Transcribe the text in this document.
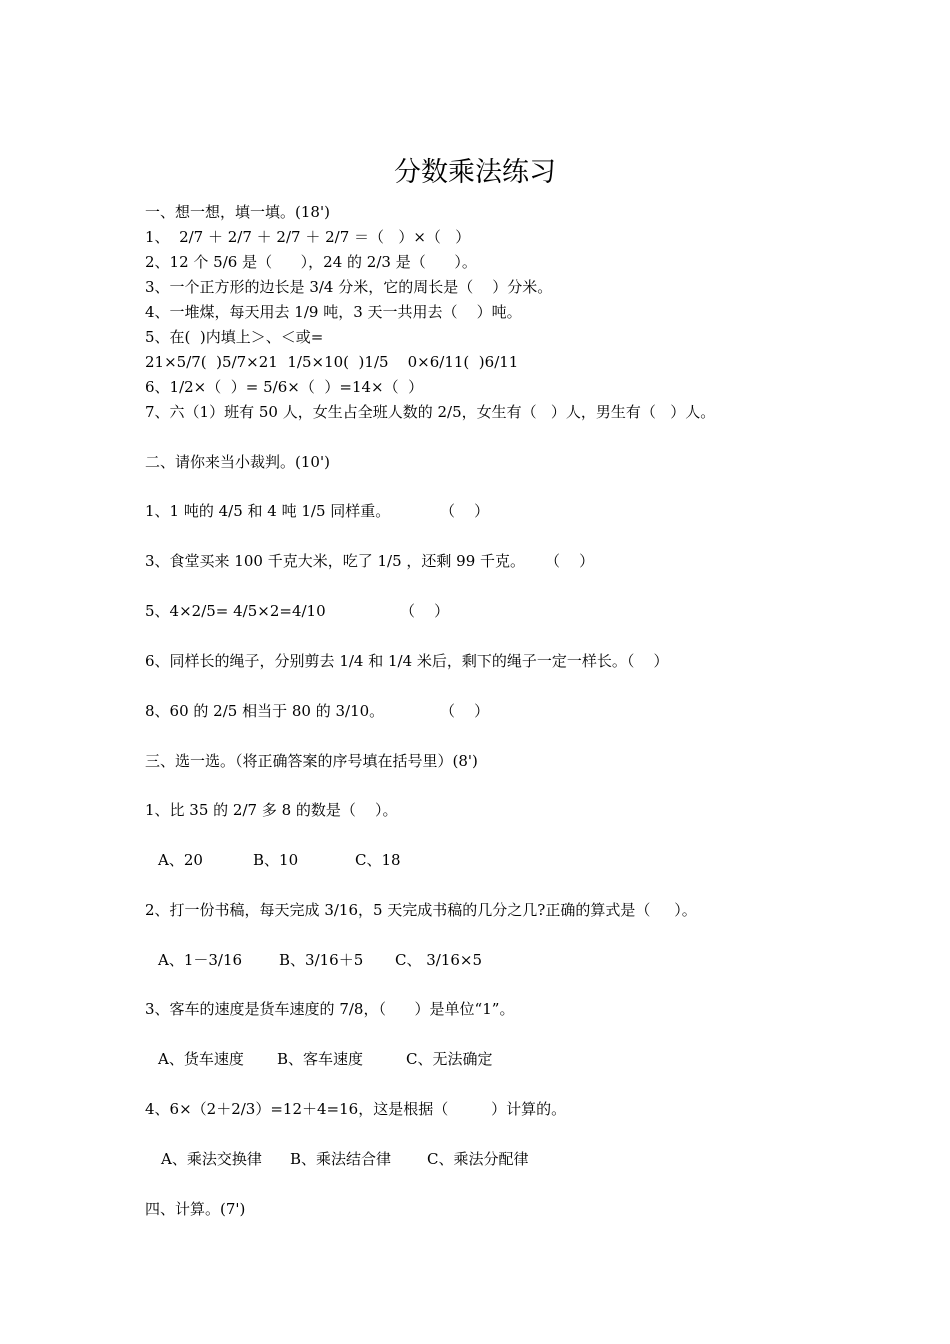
分数乘法练习
一、想一想，填一填。(18')
1、  2/7 ＋ 2/7 ＋ 2/7 ＋ 2/7 ＝（   ）×（   ）
2、12 个 5/6 是（      ），24 的 2/3 是（      ）。
3、一个正方形的边长是 3/4 分米，它的周长是（    ）分米。
4、一堆煤，每天用去 1/9 吨，3 天一共用去（    ）吨。
5、在(  )内填上＞、＜或=
21×5/7(  )5/7×21  1/5×10(  )1/5    0×6/11(  )6/11
6、1/2×（  ）= 5/6×（  ）=14×（  ）
7、六（1）班有 50 人，女生占全班人数的 2/5，女生有（   ）人，男生有（   ）人。
二、请你来当小裁判。(10')
1、1 吨的 4/5 和 4 吨 1/5 同样重。	（    ）
3、食堂买来 100 千克大米，吃了 1/5 ，还剩 99 千克。 （    ）
5、4×2/5= 4/5×2=4/10	（    ）
6、同样长的绳子，分别剪去 1/4 和 1/4 米后，剩下的绳子一定一样长。（    ）
8、60 的 2/5 相当于 80 的 3/10。	（    ）
三、选一选。（将正确答案的序号填在括号里）(8')
1、比 35 的 2/7 多 8 的数是（    ）。
A、20	B、10	C、18
2、打一份书稿，每天完成 3/16，5 天完成书稿的几分之几?正确的算式是（     ）。
A、1－3/16 B、3/16＋5 C、 3/16×5
3、客车的速度是货车速度的 7/8，（      ）是单位“1”。
A、货车速度 B、客车速度	C、无法确定
4、6×（2＋2/3）=12＋4=16，这是根据（         ）计算的。
A、乘法交换律 B、乘法结合律 C、乘法分配律
四、计算。(7')
